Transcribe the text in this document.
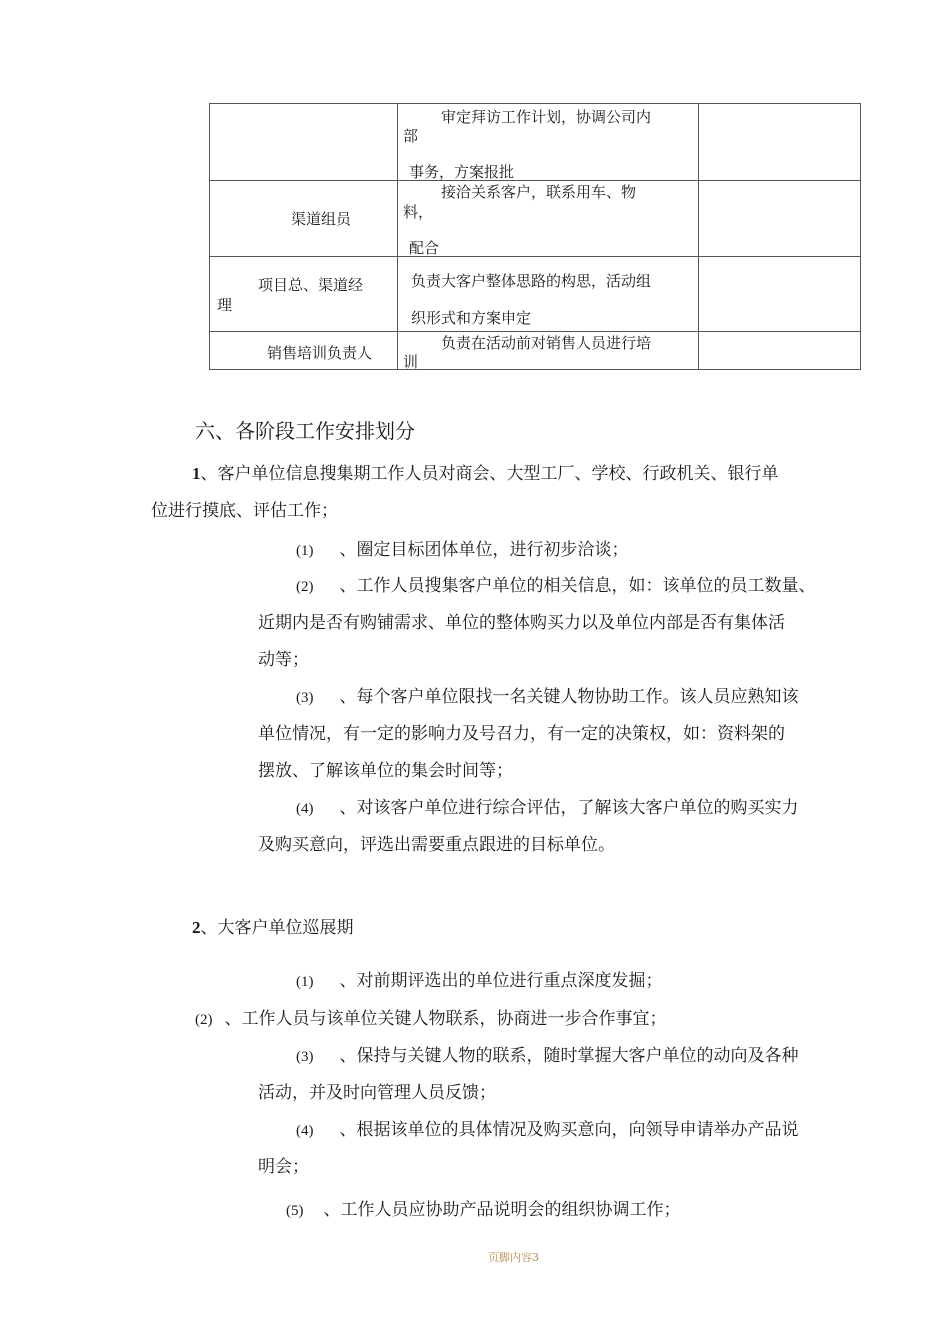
审定拜访工作计划，协调公司内
部
事务，方案报批
渠道组员
接洽关系客户，联系用车、物
料，
配合
项目总、渠道经
理
负责大客户整体思路的构思，活动组
织形式和方案申定
销售培训负责人
负责在活动前对销售人员进行培
训
六、各阶段工作安排划分
1、客户单位信息搜集期工作人员对商会、大型工厂、学校、行政机关、银行单
位进行摸底、评估工作；
(1) 、圈定目标团体单位，进行初步洽谈；
(2) 、工作人员搜集客户单位的相关信息，如：该单位的员工数量、
近期内是否有购铺需求、单位的整体购买力以及单位内部是否有集体活
动等；
(3) 、每个客户单位限找一名关键人物协助工作。该人员应熟知该
单位情况，有一定的影响力及号召力，有一定的决策权，如：资料架的
摆放、了解该单位的集会时间等；
(4) 、对该客户单位进行综合评估，了解该大客户单位的购买实力
及购买意向，评选出需要重点跟进的目标单位。
2、大客户单位巡展期
(1) 、对前期评选出的单位进行重点深度发掘；
(2) 、工作人员与该单位关键人物联系，协商进一步合作事宜；
(3) 、保持与关键人物的联系，随时掌握大客户单位的动向及各种
活动，并及时向管理人员反馈；
(4) 、根据该单位的具体情况及购买意向，向领导申请举办产品说
明会；
(5) 、工作人员应协助产品说明会的组织协调工作；
页脚内容3
